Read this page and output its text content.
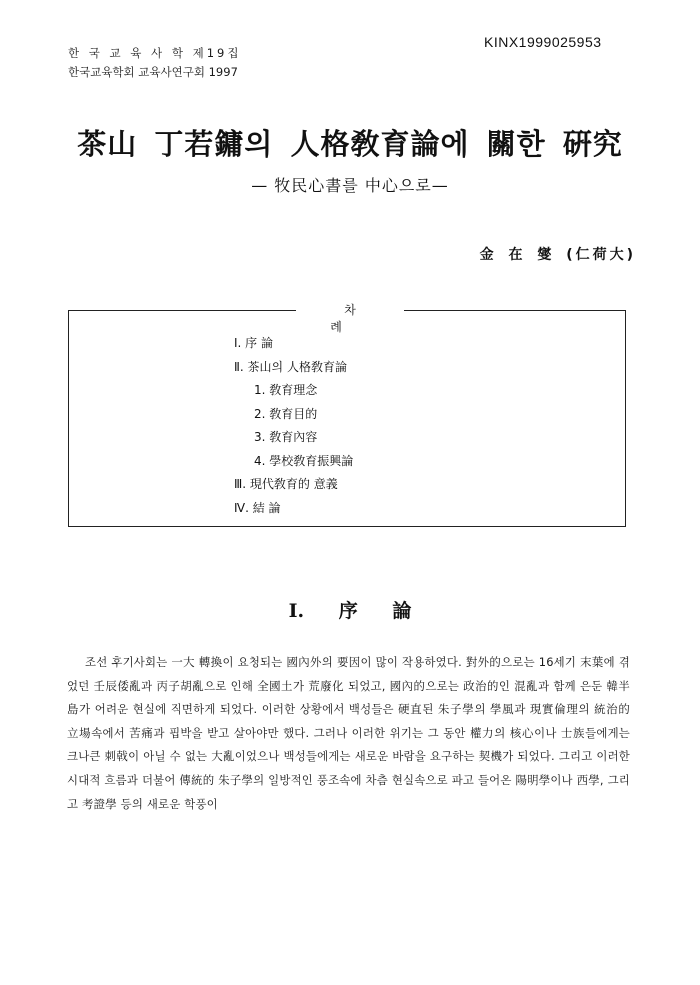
한 국 교 육 사 학 제19집
한국교육학회 교육사연구회 1997
KINX1999025953
茶山 丁若鏞의 人格敎育論에 關한 硏究
— 牧民心書를 中心으로—
金 在 燮 (仁荷大)
차 례
Ⅰ. 序 論
Ⅱ. 茶山의 人格敎育論
1. 敎育理念
2. 敎育目的
3. 敎育內容
4. 學校敎育振興論
Ⅲ. 現代敎育的 意義
Ⅳ. 結 論
Ⅰ. 序 論

조선 후기사회는 一大 轉換이 요청되는 國內外의 要因이 많이 작용하였다. 對外的으로는 16세기 末葉에 겪었던 壬辰倭亂과 丙子胡亂으로 인해 全國土가 荒廢化 되었고, 國內的으로는 政治的인 混亂과 함께 은둔 韓半島가 어려운 현실에 직면하게 되었다. 이러한 상황에서 백성들은 硬直된 朱子學의 學風과 現實倫理의 統治的 立場속에서 苦痛과 핍박을 받고 살아야만 했다. 그러나 이러한 위기는 그 동안 權力의 核心이나 士族들에게는 크나큰 刺戟이 아닐 수 없는 大亂이었으나 백성들에게는 새로운 바람을 요구하는 契機가 되었다. 그리고 이러한 시대적 흐름과 더불어 傳統的 朱子學의 일방적인 풍조속에 차츰 현실속으로 파고 들어온 陽明學이나 西學, 그리고 考證學 등의 새로운 학풍이
